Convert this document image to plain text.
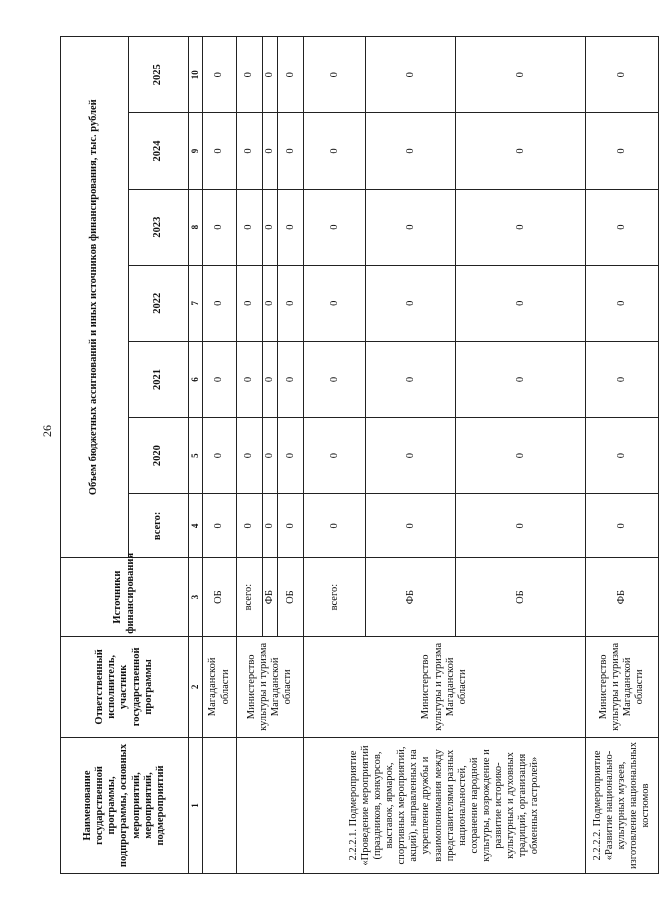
26
Наименование государственной программы, подпрограммы, основных мероприятий, мероприятий, подмероприятий	Ответственный исполнитель, участник государственной программы	Источники финансирования	Объем бюджетных ассигнований и иных источников финансирования, тыс. рублей						
			всего:	2020	2021	2022	2023	2024	2025
1	2	3	4	5	6	7	8	9	10
	Магаданской области	ОБ	0	0	0	0	0	0	0
	Министерство культуры и туризма Магаданской области	всего:	0	0	0	0	0	0	0
		ФБ	0	0	0	0	0	0	0
		ОБ	0	0	0	0	0	0	0
2.2.2.1. Подмероприятие «Проведение мероприятий (праздников, конкурсов, выставок, ярмарок, спортивных мероприятий, акций), направленных на укрепление дружбы и взаимопонимания между представителями разных национальностей, сохранение народной культуры, возрождение и развитие историко-культурных и духовных традиций, организация обменных гастролей»	Министерство культуры и туризма Магаданской области	всего:	0	0	0	0	0	0	0
		ФБ	0	0	0	0	0	0	0
		ОБ	0	0	0	0	0	0	0
2.2.2.2. Подмероприятие «Развитие национально-культурных музеев, изготовление национальных костюмов	Министерство культуры и туризма Магаданской области	ФБ	0	0	0	0	0	0	0
